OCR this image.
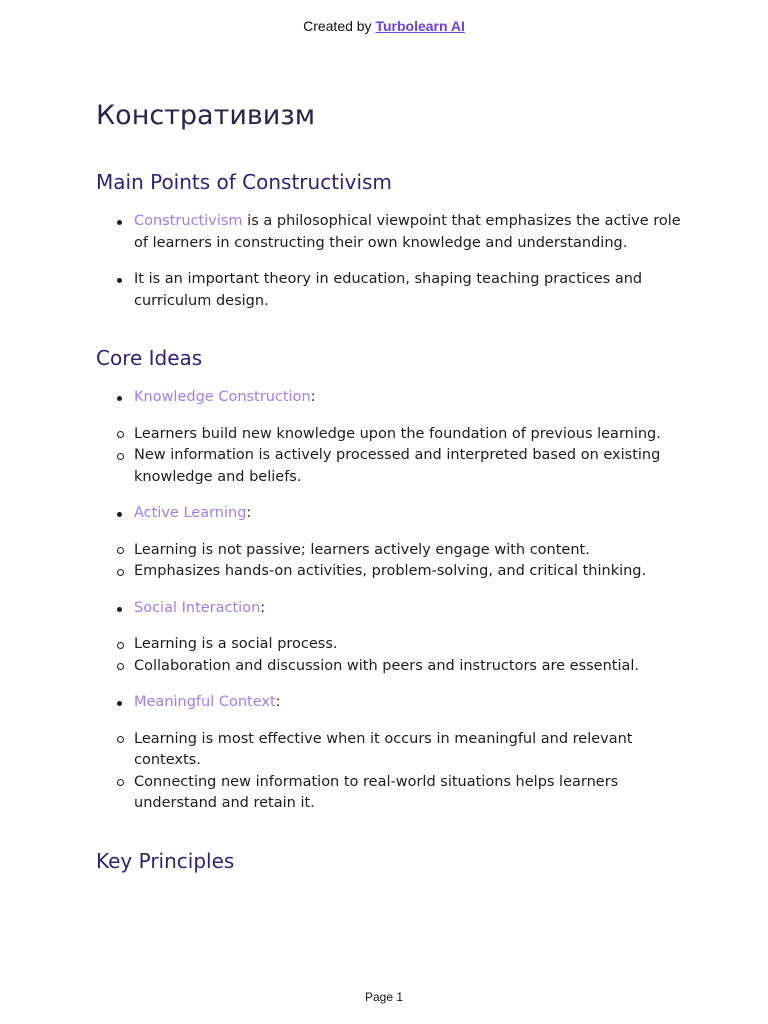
Created by Turbolearn AI
Констративизм
Main Points of Constructivism
Constructivism is a philosophical viewpoint that emphasizes the active role of learners in constructing their own knowledge and understanding.
It is an important theory in education, shaping teaching practices and curriculum design.
Core Ideas
Knowledge Construction:
Learners build new knowledge upon the foundation of previous learning.
New information is actively processed and interpreted based on existing knowledge and beliefs.
Active Learning:
Learning is not passive; learners actively engage with content.
Emphasizes hands-on activities, problem-solving, and critical thinking.
Social Interaction:
Learning is a social process.
Collaboration and discussion with peers and instructors are essential.
Meaningful Context:
Learning is most effective when it occurs in meaningful and relevant contexts.
Connecting new information to real-world situations helps learners understand and retain it.
Key Principles
Page 1
